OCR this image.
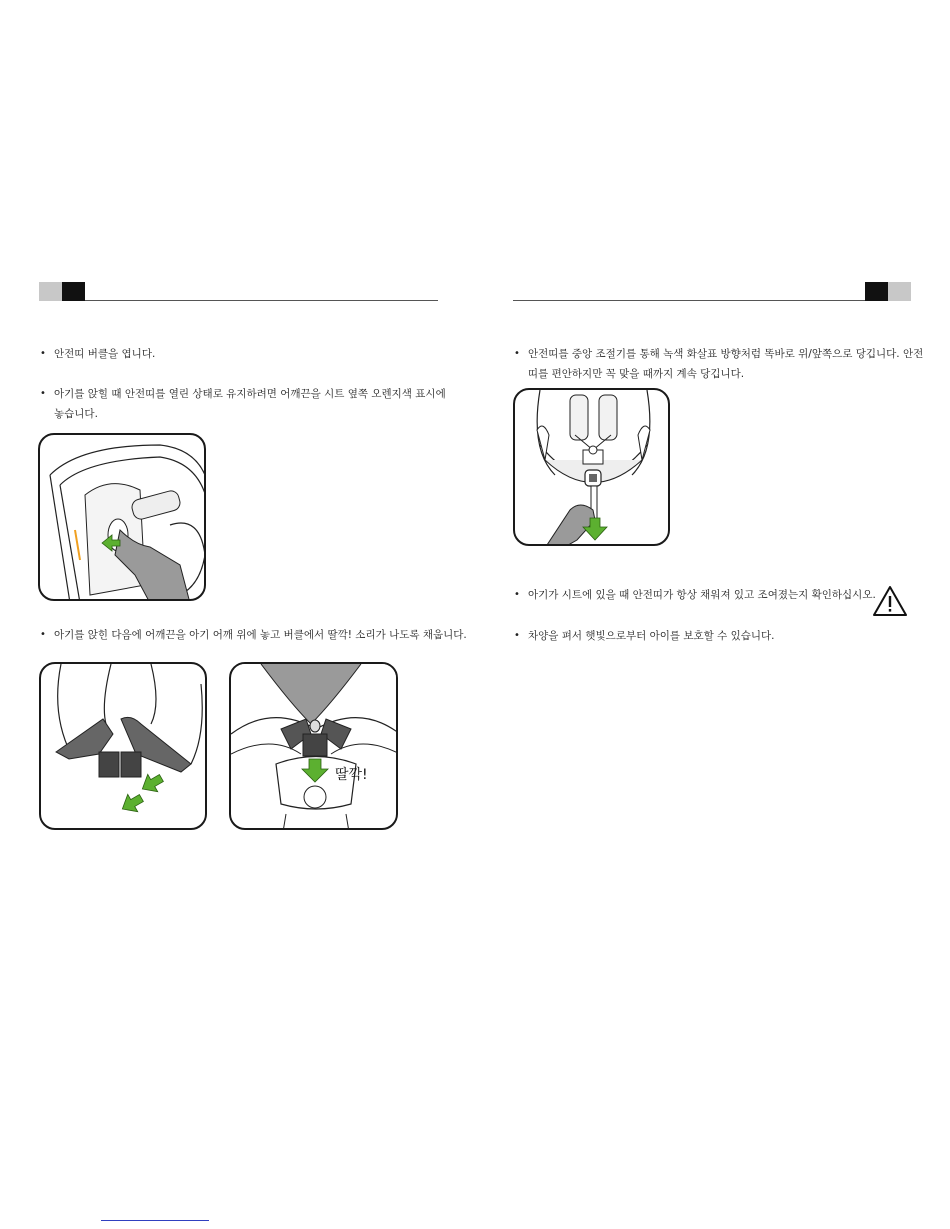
• 안전띠 버클을 엽니다.
• 아기를 앉힐 때 안전띠를 열린 상태로 유지하려면 어깨끈을 시트 옆쪽 오렌지색 표시에 놓습니다.
• 아기를 앉힌 다음에 어깨끈을 아기 어깨 위에 놓고 버클에서 딸깍! 소리가 나도록 채웁니다.
딸깍!
• 안전띠를 중앙 조절기를 통해 녹색 화살표 방향처럼 똑바로 위/앞쪽으로 당깁니다. 안전띠를 편안하지만 꼭 맞을 때까지 계속 당깁니다.
• 아기가 시트에 있을 때 안전띠가 항상 채워져 있고 조여졌는지 확인하십시오.
• 차양을 펴서 햇빛으로부터 아이를 보호할 수 있습니다.
